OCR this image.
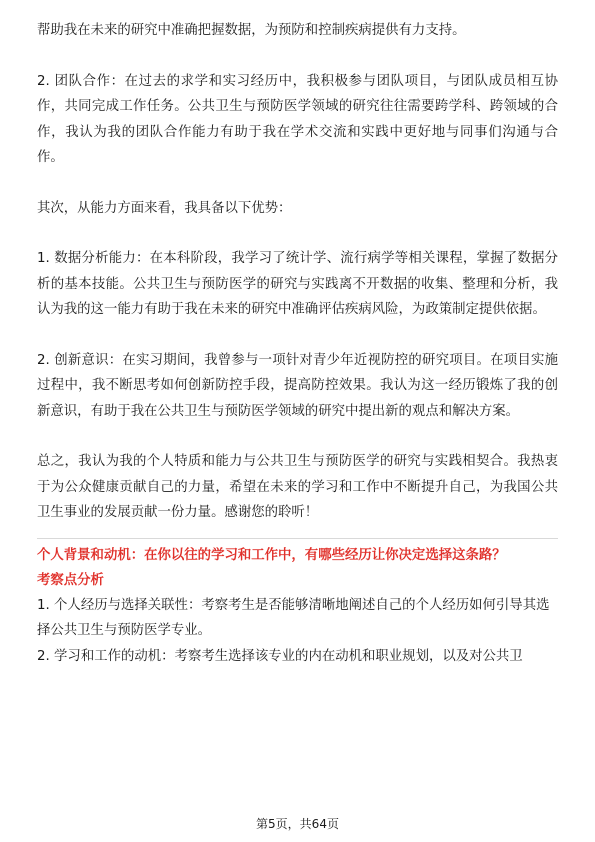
帮助我在未来的研究中准确把握数据，为预防和控制疾病提供有力支持。

2. 团队合作：在过去的求学和实习经历中，我积极参与团队项目，与团队成员相互协作，共同完成工作任务。公共卫生与预防医学领域的研究往往需要跨学科、跨领域的合作，我认为我的团队合作能力有助于我在学术交流和实践中更好地与同事们沟通与合作。

其次，从能力方面来看，我具备以下优势：

1. 数据分析能力：在本科阶段，我学习了统计学、流行病学等相关课程，掌握了数据分析的基本技能。公共卫生与预防医学的研究与实践离不开数据的收集、整理和分析，我认为我的这一能力有助于我在未来的研究中准确评估疾病风险，为政策制定提供依据。

2. 创新意识：在实习期间，我曾参与一项针对青少年近视防控的研究项目。在项目实施过程中，我不断思考如何创新防控手段，提高防控效果。我认为这一经历锻炼了我的创新意识，有助于我在公共卫生与预防医学领域的研究中提出新的观点和解决方案。

总之，我认为我的个人特质和能力与公共卫生与预防医学的研究与实践相契合。我热衷于为公众健康贡献自己的力量，希望在未来的学习和工作中不断提升自己，为我国公共卫生事业的发展贡献一份力量。感谢您的聆听！

个人背景和动机：在你以往的学习和工作中，有哪些经历让你决定选择这条路？

考察点分析

1. 个人经历与选择关联性：考察考生是否能够清晰地阐述自己的个人经历如何引导其选择公共卫生与预防医学专业。

2. 学习和工作的动机：考察考生选择该专业的内在动机和职业规划，以及对公共卫

第5页，共64页
